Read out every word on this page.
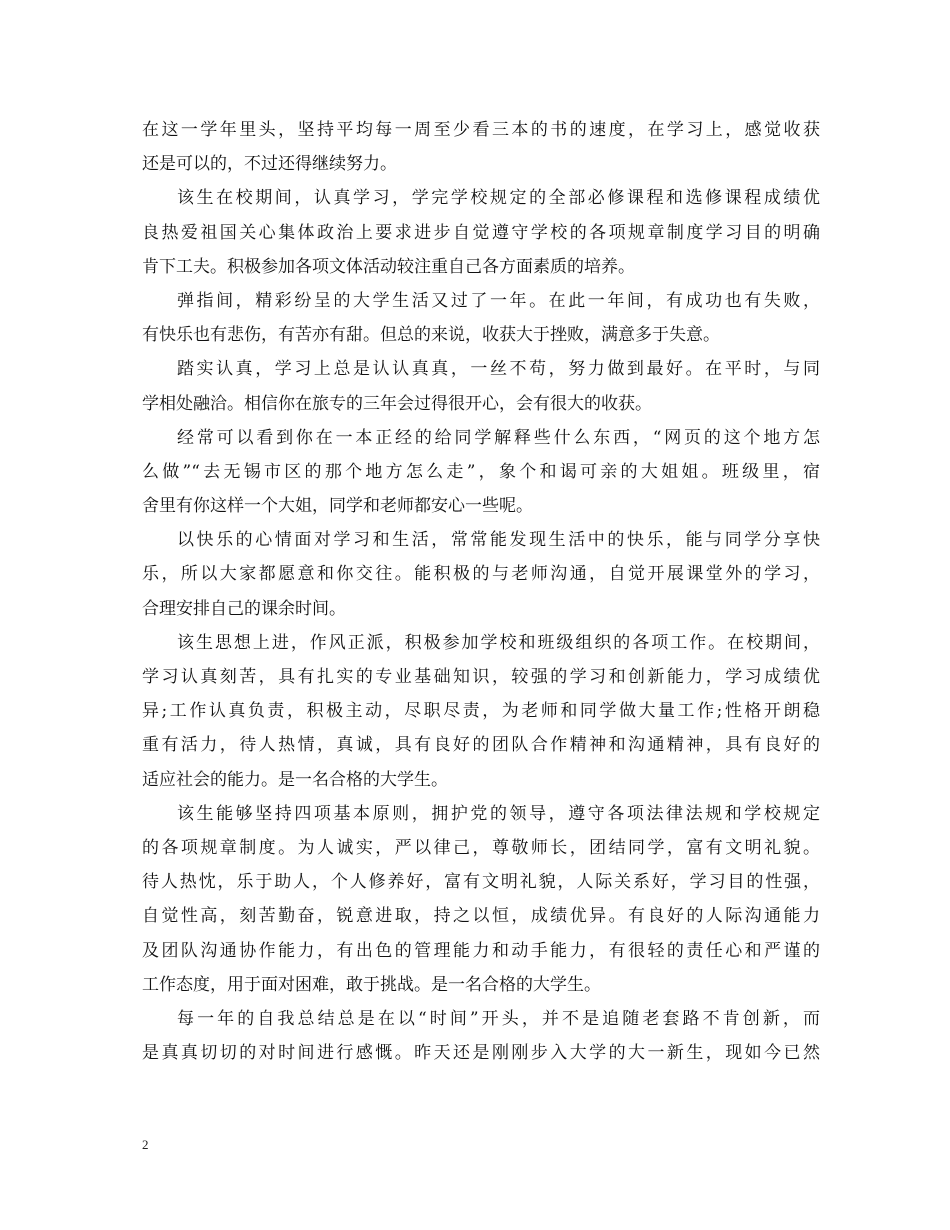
在这一学年里头，坚持平均每一周至少看三本的书的速度，在学习上，感觉收获
还是可以的，不过还得继续努力。
该生在校期间，认真学习，学完学校规定的全部必修课程和选修课程成绩优
良热爱祖国关心集体政治上要求进步自觉遵守学校的各项规章制度学习目的明确
肯下工夫。积极参加各项文体活动较注重自己各方面素质的培养。
弹指间，精彩纷呈的大学生活又过了一年。在此一年间，有成功也有失败，
有快乐也有悲伤，有苦亦有甜。但总的来说，收获大于挫败，满意多于失意。
踏实认真，学习上总是认认真真，一丝不苟，努力做到最好。在平时，与同
学相处融洽。相信你在旅专的三年会过得很开心，会有很大的收获。
经常可以看到你在一本正经的给同学解释些什么东西，“网页的这个地方怎
么做”“去无锡市区的那个地方怎么走”，象个和谒可亲的大姐姐。班级里，宿
舍里有你这样一个大姐，同学和老师都安心一些呢。
以快乐的心情面对学习和生活，常常能发现生活中的快乐，能与同学分享快
乐，所以大家都愿意和你交往。能积极的与老师沟通，自觉开展课堂外的学习，
合理安排自己的课余时间。
该生思想上进，作风正派，积极参加学校和班级组织的各项工作。在校期间，
学习认真刻苦，具有扎实的专业基础知识，较强的学习和创新能力，学习成绩优
异;工作认真负责，积极主动，尽职尽责，为老师和同学做大量工作;性格开朗稳
重有活力，待人热情，真诚，具有良好的团队合作精神和沟通精神，具有良好的
适应社会的能力。是一名合格的大学生。
该生能够坚持四项基本原则，拥护党的领导，遵守各项法律法规和学校规定
的各项规章制度。为人诚实，严以律己，尊敬师长，团结同学，富有文明礼貌。
待人热忱，乐于助人，个人修养好，富有文明礼貌，人际关系好，学习目的性强，
自觉性高，刻苦勤奋，锐意进取，持之以恒，成绩优异。有良好的人际沟通能力
及团队沟通协作能力，有出色的管理能力和动手能力，有很轻的责任心和严谨的
工作态度，用于面对困难，敢于挑战。是一名合格的大学生。
每一年的自我总结总是在以“时间”开头，并不是追随老套路不肯创新，而
是真真切切的对时间进行感慨。昨天还是刚刚步入大学的大一新生，现如今已然
2
